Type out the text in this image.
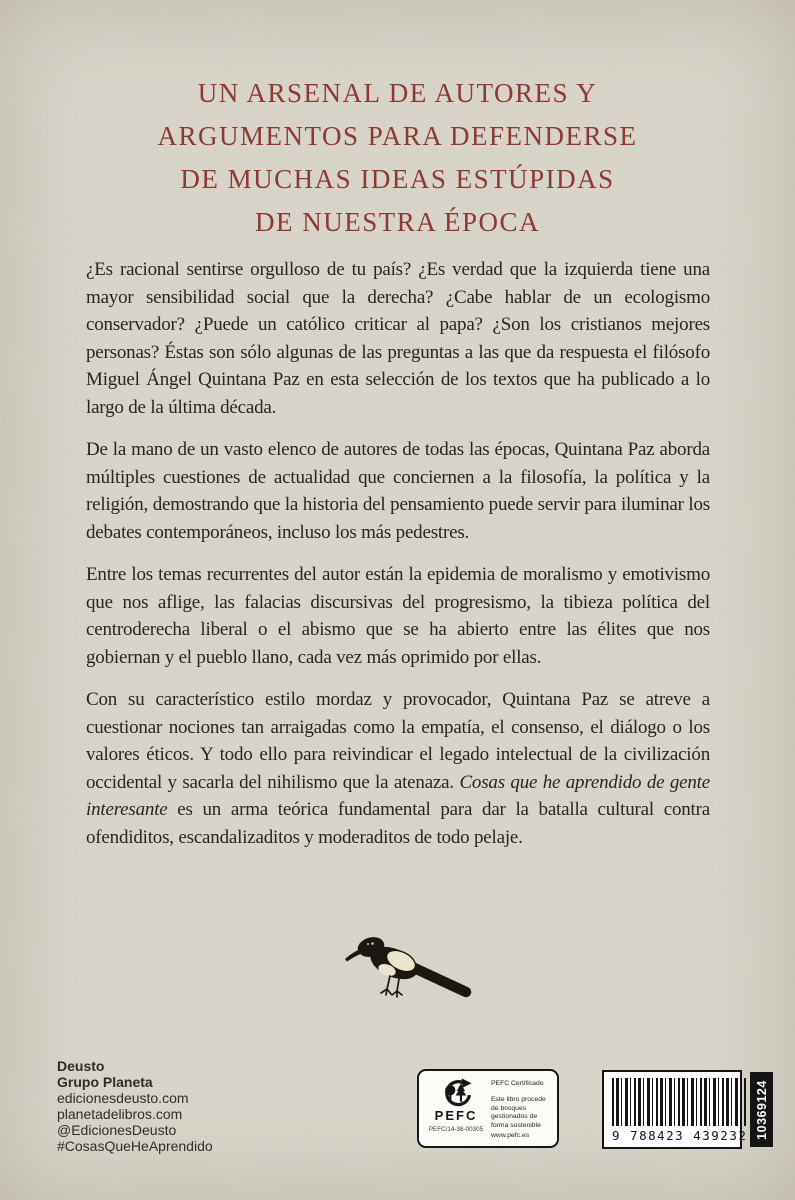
UN ARSENAL DE AUTORES Y
ARGUMENTOS PARA DEFENDERSE
DE MUCHAS IDEAS ESTÚPIDAS
DE NUESTRA ÉPOCA

¿Es racional sentirse orgulloso de tu país? ¿Es verdad que la izquierda tiene una mayor sensibilidad social que la derecha? ¿Cabe hablar de un ecologismo conservador? ¿Puede un católico criticar al papa? ¿Son los cristianos mejores personas? Éstas son sólo algunas de las preguntas a las que da respuesta el filósofo Miguel Ángel Quintana Paz en esta selección de los textos que ha publicado a lo largo de la última década.

De la mano de un vasto elenco de autores de todas las épocas, Quintana Paz aborda múltiples cuestiones de actualidad que conciernen a la filosofía, la política y la religión, demostrando que la historia del pensamiento puede servir para iluminar los debates contemporáneos, incluso los más pedestres.

Entre los temas recurrentes del autor están la epidemia de moralismo y emotivismo que nos aflige, las falacias discursivas del progresismo, la tibieza política del centroderecha liberal o el abismo que se ha abierto entre las élites que nos gobiernan y el pueblo llano, cada vez más oprimido por ellas.

Con su característico estilo mordaz y provocador, Quintana Paz se atreve a cuestionar nociones tan arraigadas como la empatía, el consenso, el diálogo o los valores éticos. Y todo ello para reivindicar el legado intelectual de la civilización occidental y sacarla del nihilismo que la atenaza. Cosas que he aprendido de gente interesante es un arma teórica fundamental para dar la batalla cultural contra ofendiditos, escandalizaditos y moderaditos de todo pelaje.

Deusto
Grupo Planeta
edicionesdeusto.com
planetadelibros.com
@EdicionesDeusto
#CosasQueHeAprendido
PEFC
PEFC/14-38-00305
PEFC Certificado
Este libro procede de bosques gestionados de forma sostenible
www.pefc.es	9 788423 439232 10369124
